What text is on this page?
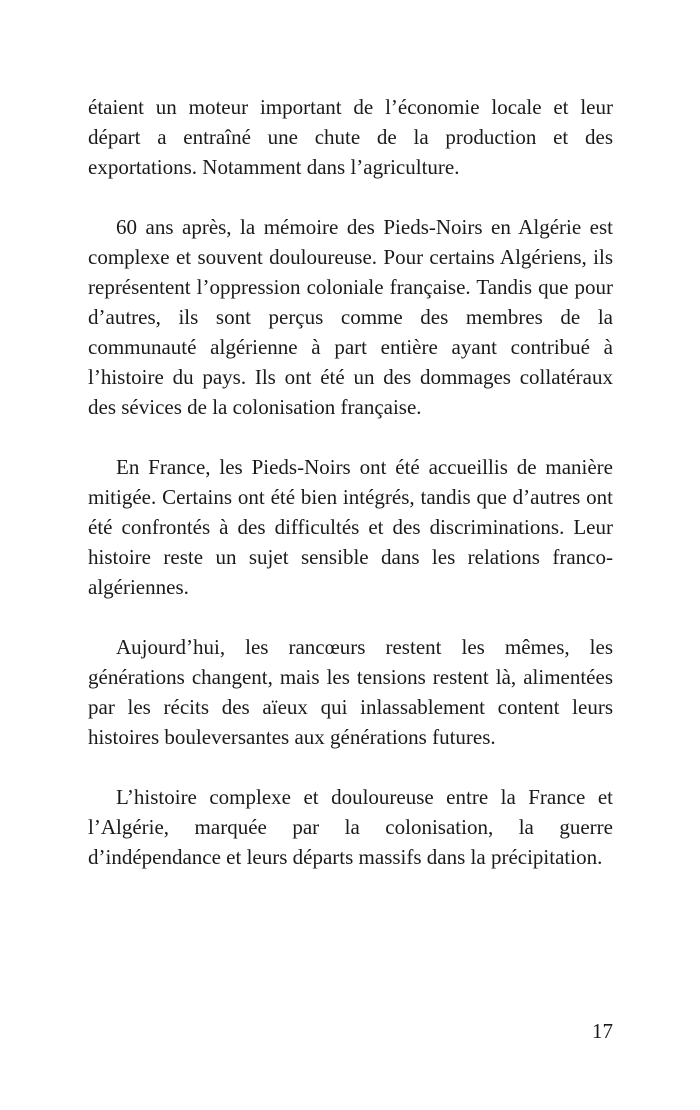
étaient un moteur important de l’économie locale et leur départ a entraîné une chute de la production et des exportations. Notamment dans l’agriculture.

60 ans après, la mémoire des Pieds-Noirs en Algérie est complexe et souvent douloureuse. Pour certains Algériens, ils représentent l’oppression coloniale française. Tandis que pour d’autres, ils sont perçus comme des membres de la communauté algérienne à part entière ayant contribué à l’histoire du pays. Ils ont été un des dommages collatéraux des sévices de la colonisation française.

En France, les Pieds-Noirs ont été accueillis de manière mitigée. Certains ont été bien intégrés, tandis que d’autres ont été confrontés à des difficultés et des discriminations. Leur histoire reste un sujet sensible dans les relations franco-algériennes.

Aujourd’hui, les rancœurs restent les mêmes, les générations changent, mais les tensions restent là, alimentées par les récits des aïeux qui inlassablement content leurs histoires bouleversantes aux générations futures.

L’histoire complexe et douloureuse entre la France et l’Algérie, marquée par la colonisation, la guerre d’indépendance et leurs départs massifs dans la précipitation.

17
